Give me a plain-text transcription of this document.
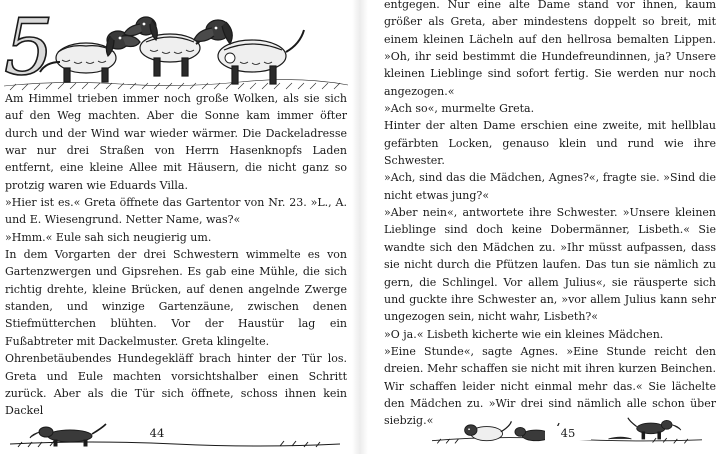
5

Am Himmel trieben immer noch große Wolken, als sie sich auf den Weg machten. Aber die Sonne kam immer öfter durch und der Wind war wieder wärmer. Die Dackeladresse war nur drei Straßen von Herrn Hasenknopfs Laden entfernt, eine kleine Allee mit Häusern, die nicht ganz so protzig waren wie Eduards Villa.

»Hier ist es.« Greta öffnete das Gartentor von Nr. 23. »L., A. und E. Wiesengrund. Netter Name, was?«

»Hmm.« Eule sah sich neugierig um.

In dem Vorgarten der drei Schwestern wimmelte es von Gartenzwergen und Gipsrehen. Es gab eine Mühle, die sich richtig drehte, kleine Brücken, auf denen angelnde Zwerge standen, und winzige Gartenzäune, zwischen denen Stiefmütterchen blühten. Vor der Haustür lag ein Fußabtreter mit Dackelmuster. Greta klingelte.

Ohrenbetäubendes Hundegekläff brach hinter der Tür los. Greta und Eule machten vorsichtshalber einen Schritt zurück. Aber als die Tür sich öffnete, schoss ihnen kein Dackel

44

entgegen. Nur eine alte Dame stand vor ihnen, kaum größer als Greta, aber mindestens doppelt so breit, mit einem kleinen Lächeln auf den hellrosa bemalten Lippen. »Oh, ihr seid bestimmt die Hundefreundinnen, ja? Unsere kleinen Lieblinge sind sofort fertig. Sie werden nur noch angezogen.«

»Ach so«, murmelte Greta.

Hinter der alten Dame erschien eine zweite, mit hellblau gefärbten Locken, genauso klein und rund wie ihre Schwester.

»Ach, sind das die Mädchen, Agnes?«, fragte sie. »Sind die nicht etwas jung?«

»Aber nein«, antwortete ihre Schwester. »Unsere kleinen Lieblinge sind doch keine Dobermänner, Lisbeth.« Sie wandte sich den Mädchen zu. »Ihr müsst aufpassen, dass sie nicht durch die Pfützen laufen. Das tun sie nämlich zu gern, die Schlingel. Vor allem Julius«, sie räusperte sich und guckte ihre Schwester an, »vor allem Julius kann sehr ungezogen sein, nicht wahr, Lisbeth?«

»O ja.« Lisbeth kicherte wie ein kleines Mädchen.

»Eine Stunde«, sagte Agnes. »Eine Stunde reicht den dreien. Mehr schaffen sie nicht mit ihren kurzen Beinchen. Wir schaffen leider nicht einmal mehr das.« Sie lächelte den Mädchen zu. »Wir drei sind nämlich alle schon über siebzig.«

45
